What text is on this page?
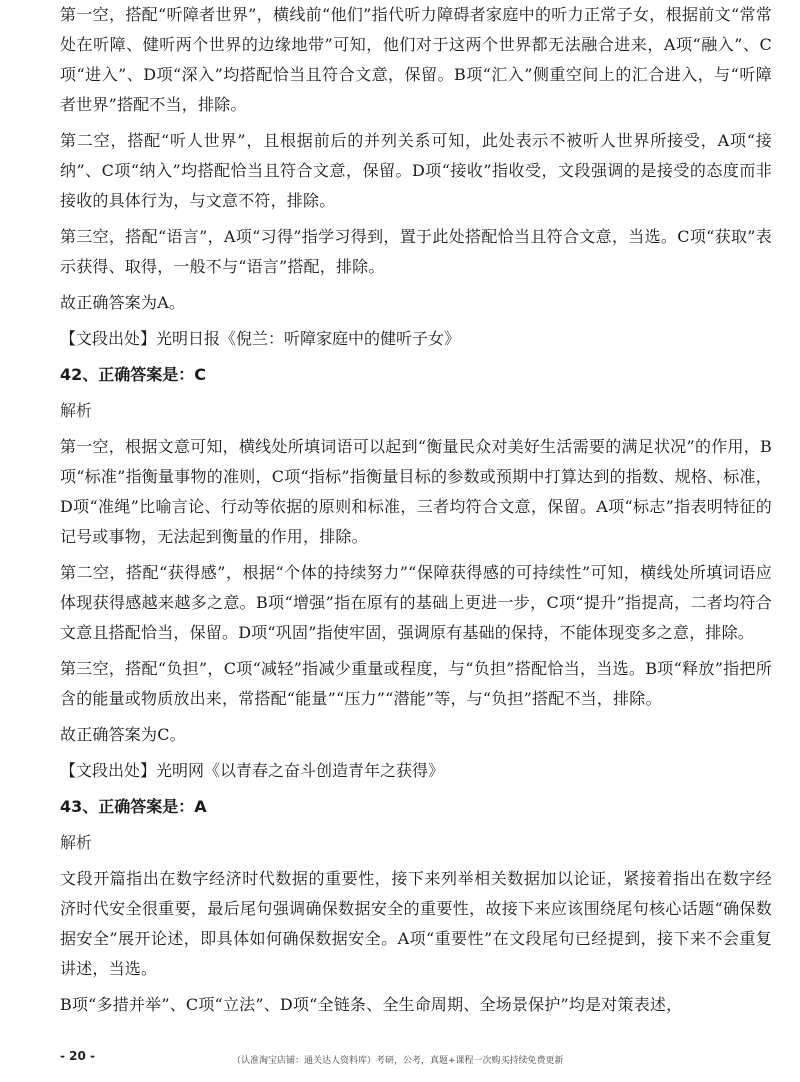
第一空，搭配“听障者世界”，横线前“他们”指代听力障碍者家庭中的听力正常子女，根据前文“常常处在听障、健听两个世界的边缘地带”可知，他们对于这两个世界都无法融合进来，A项“融入”、C项“进入”、D项“深入”均搭配恰当且符合文意，保留。B项“汇入”侧重空间上的汇合进入，与“听障者世界”搭配不当，排除。

第二空，搭配“听人世界”，且根据前后的并列关系可知，此处表示不被听人世界所接受，A项“接纳”、C项“纳入”均搭配恰当且符合文意，保留。D项“接收”指收受，文段强调的是接受的态度而非接收的具体行为，与文意不符，排除。

第三空，搭配“语言”，A项“习得”指学习得到，置于此处搭配恰当且符合文意，当选。C项“获取”表示获得、取得，一般不与“语言”搭配，排除。

故正确答案为A。

【文段出处】光明日报《倪兰：听障家庭中的健听子女》

42、正确答案是：C
解析

第一空，根据文意可知，横线处所填词语可以起到“衡量民众对美好生活需要的满足状况”的作用，B项“标准”指衡量事物的准则，C项“指标”指衡量目标的参数或预期中打算达到的指数、规格、标准，D项“准绳”比喻言论、行动等依据的原则和标准，三者均符合文意，保留。A项“标志”指表明特征的记号或事物，无法起到衡量的作用，排除。

第二空，搭配“获得感”，根据“个体的持续努力”“保障获得感的可持续性”可知，横线处所填词语应体现获得感越来越多之意。B项“增强”指在原有的基础上更进一步，C项“提升”指提高，二者均符合文意且搭配恰当，保留。D项“巩固”指使牢固，强调原有基础的保持，不能体现变多之意，排除。

第三空，搭配“负担”，C项“减轻”指减少重量或程度，与“负担”搭配恰当，当选。B项“释放”指把所含的能量或物质放出来，常搭配“能量”“压力”“潜能”等，与“负担”搭配不当，排除。

故正确答案为C。

【文段出处】光明网《以青春之奋斗创造青年之获得》

43、正确答案是：A
解析

文段开篇指出在数字经济时代数据的重要性，接下来列举相关数据加以论证，紧接着指出在数字经济时代安全很重要，最后尾句强调确保数据安全的重要性，故接下来应该围绕尾句核心话题“确保数据安全”展开论述，即具体如何确保数据安全。A项“重要性”在文段尾句已经提到，接下来不会重复讲述，当选。

B项“多措并举”、C项“立法”、D项“全链条、全生命周期、全场景保护”均是对策表述，

- 20 -	（认准淘宝店铺：通关达人资料库）考研，公考，真题+课程一次购买持续免费更新
